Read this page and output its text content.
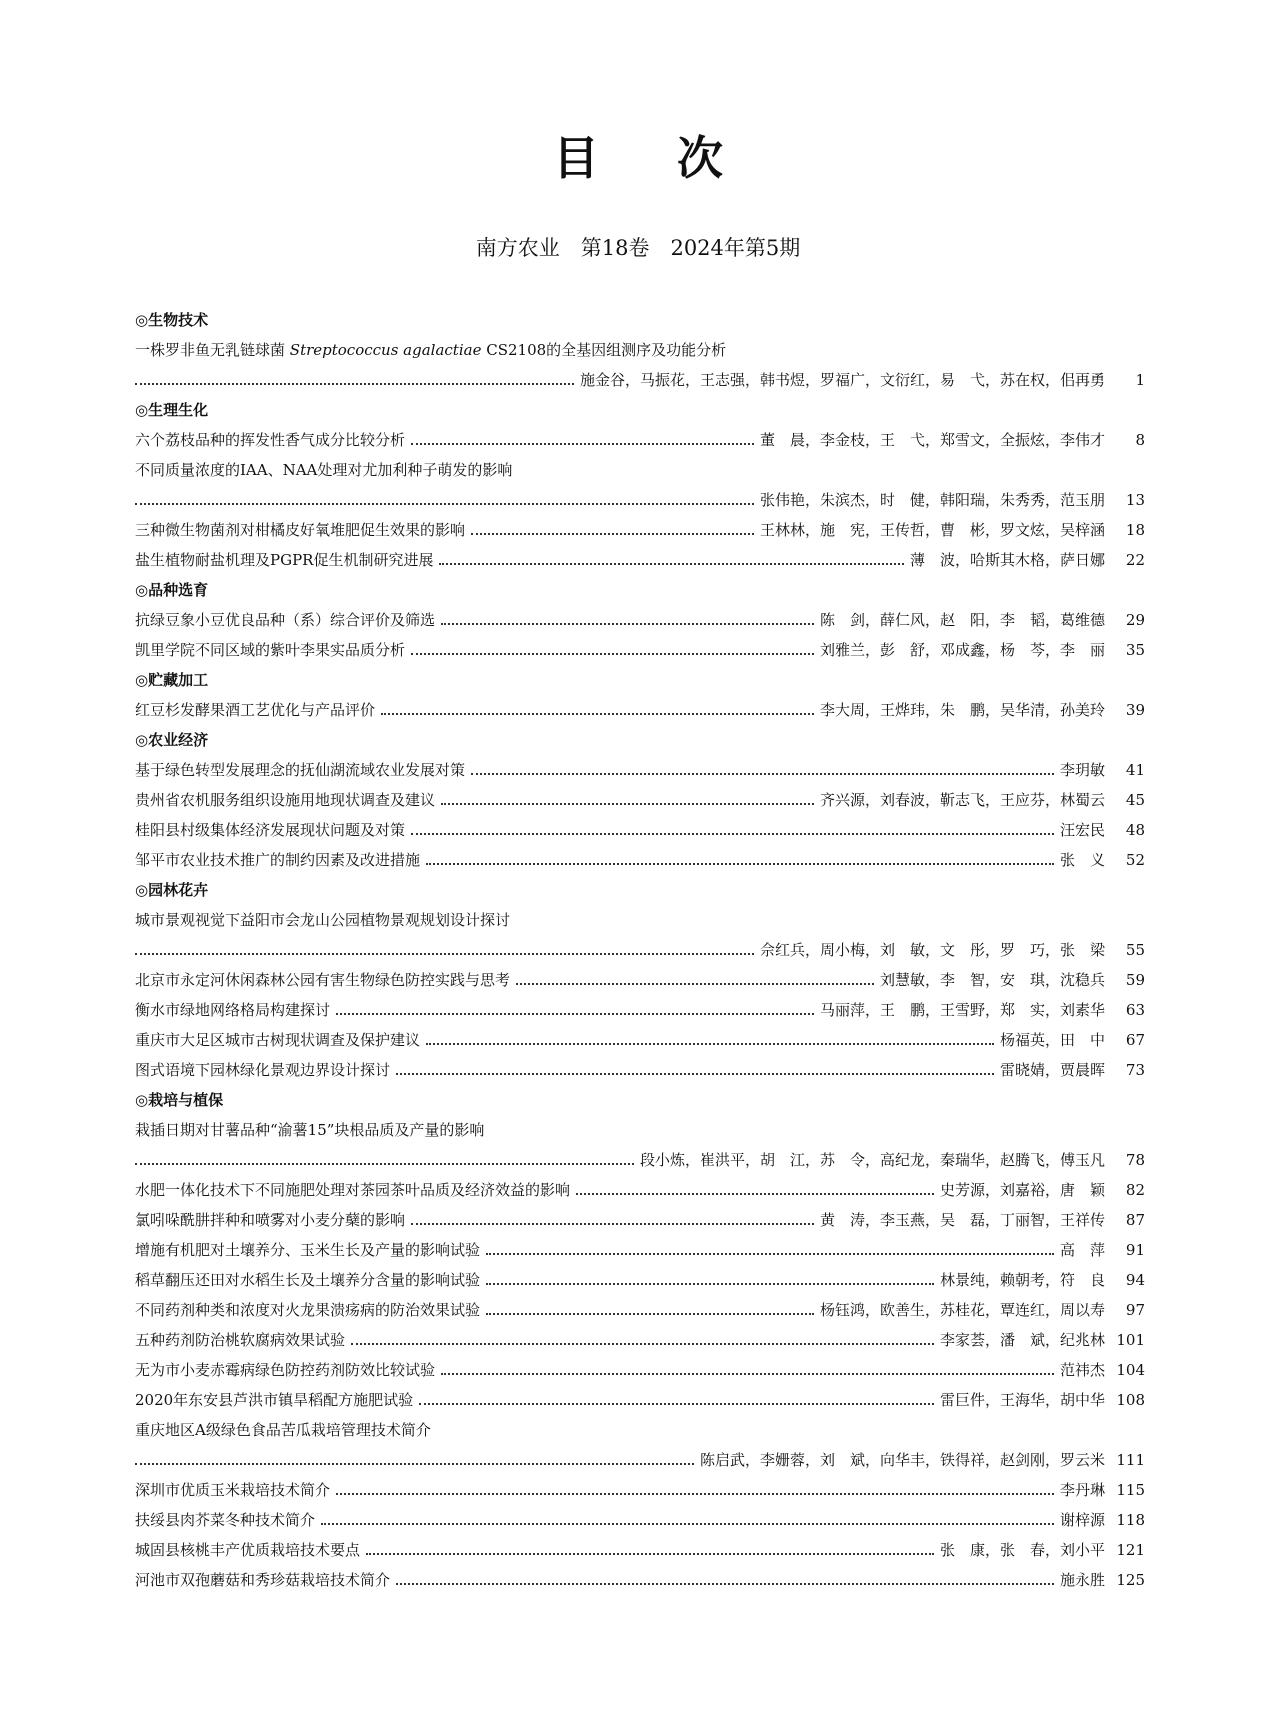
目 次
南方农业　第18卷　2024年第5期
◎生物技术
一株罗非鱼无乳链球菌 Streptococcus agalactiae CS2108的全基因组测序及功能分析
施金谷，马振花，王志强，韩书煜，罗福广，文衍红，易　弋，苏在权，佀再勇	1
◎生理生化
六个荔枝品种的挥发性香气成分比较分析	董　晨，李金枝，王　弋，郑雪文，全振炫，李伟才	8
不同质量浓度的IAA、NAA处理对尤加利种子萌发的影响
张伟艳，朱滨杰，时　健，韩阳瑞，朱秀秀，范玉朋	13
三种微生物菌剂对柑橘皮好氧堆肥促生效果的影响	王林林，施　宪，王传哲，曹　彬，罗文炫，吴梓涵	18
盐生植物耐盐机理及PGPR促生机制研究进展	薄　波，哈斯其木格，萨日娜	22
◎品种选育
抗绿豆象小豆优良品种（系）综合评价及筛选	陈　剑，薛仁风，赵　阳，李　韬，葛维德	29
凯里学院不同区域的紫叶李果实品质分析	刘雅兰，彭　舒，邓成鑫，杨　芩，李　丽	35
◎贮藏加工
红豆杉发酵果酒工艺优化与产品评价	李大周，王烨玮，朱　鹏，吴华清，孙美玲	39
◎农业经济
基于绿色转型发展理念的抚仙湖流域农业发展对策	李玥敏	41
贵州省农机服务组织设施用地现状调查及建议	齐兴源，刘春波，靳志飞，王应芬，林蜀云	45
桂阳县村级集体经济发展现状问题及对策	汪宏民	48
邹平市农业技术推广的制约因素及改进措施	张　义	52
◎园林花卉
城市景观视觉下益阳市会龙山公园植物景观规划设计探讨
佘红兵，周小梅，刘　敏，文　彤，罗　巧，张　梁	55
北京市永定河休闲森林公园有害生物绿色防控实践与思考	刘慧敏，李　智，安　琪，沈稳兵	59
衡水市绿地网络格局构建探讨	马丽萍，王　鹏，王雪野，郑　实，刘素华	63
重庆市大足区城市古树现状调查及保护建议	杨福英，田　中	67
图式语境下园林绿化景观边界设计探讨	雷晓婧，贾晨晖	73
◎栽培与植保
栽插日期对甘薯品种“渝薯15”块根品质及产量的影响
段小炼，崔洪平，胡　江，苏　令，高纪龙，秦瑞华，赵腾飞，傅玉凡	78
水肥一体化技术下不同施肥处理对茶园茶叶品质及经济效益的影响	史芳源，刘嘉裕，唐　颖	82
氯吲哚酰肼拌种和喷雾对小麦分蘖的影响	黄　涛，李玉燕，吴　磊，丁丽智，王祥传	87
增施有机肥对土壤养分、玉米生长及产量的影响试验	高　萍	91
稻草翻压还田对水稻生长及土壤养分含量的影响试验	林景纯，赖朝考，符　良	94
不同药剂种类和浓度对火龙果溃疡病的防治效果试验	杨钰鸿，欧善生，苏桂花，覃连红，周以寿	97
五种药剂防治桃软腐病效果试验	李家荟，潘　斌，纪兆林 101
无为市小麦赤霉病绿色防控药剂防效比较试验	范祎杰 104
2020年东安县芦洪市镇旱稻配方施肥试验	雷巨件，王海华，胡中华 108
重庆地区A级绿色食品苦瓜栽培管理技术简介
陈启武，李姗蓉，刘　斌，向华丰，铁得祥，赵剑刚，罗云米 111
深圳市优质玉米栽培技术简介	李丹琳 115
扶绥县肉芥菜冬种技术简介	谢梓源 118
城固县核桃丰产优质栽培技术要点	张　康，张　春，刘小平 121
河池市双孢蘑菇和秀珍菇栽培技术简介	施永胜 125
